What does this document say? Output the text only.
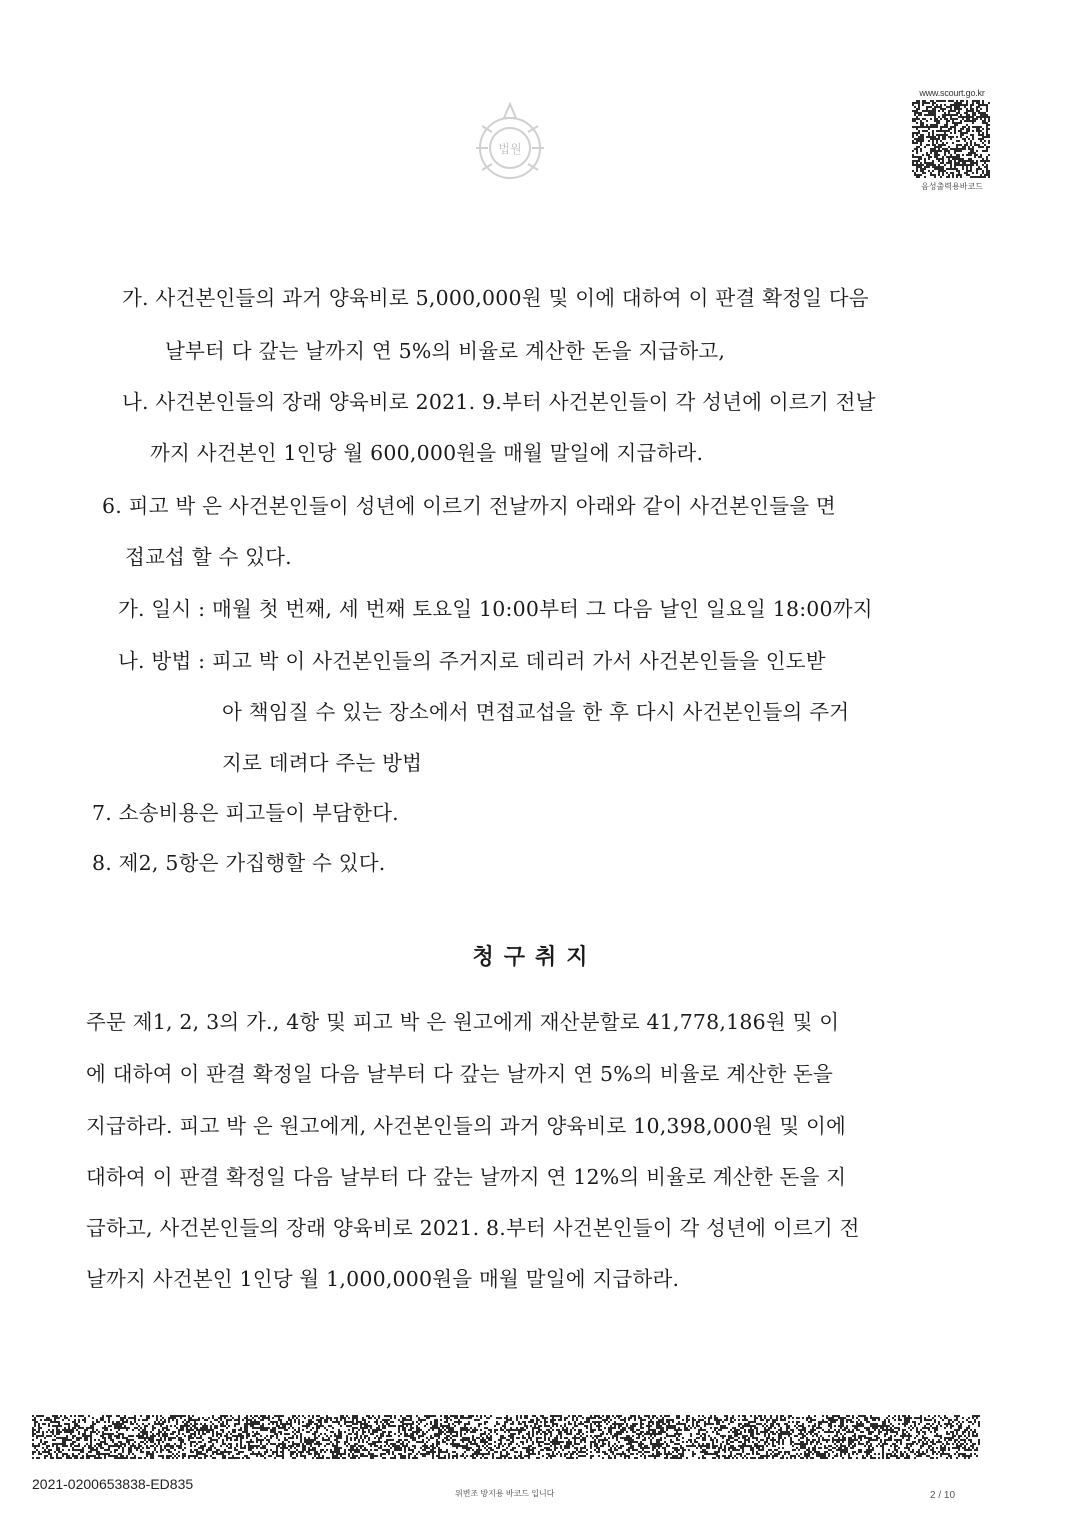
법원
www.scourt.go.kr
음성출력용바코드
가. 사건본인들의 과거 양육비로 5,000,000원 및 이에 대하여 이 판결 확정일 다음
날부터 다 갚는 날까지 연 5%의 비율로 계산한 돈을 지급하고,
나. 사건본인들의 장래 양육비로 2021. 9.부터 사건본인들이 각 성년에 이르기 전날
까지 사건본인 1인당 월 600,000원을 매월 말일에 지급하라.
6. 피고 박 은 사건본인들이 성년에 이르기 전날까지 아래와 같이 사건본인들을 면
접교섭 할 수 있다.
가. 일시 : 매월 첫 번째, 세 번째 토요일 10:00부터 그 다음 날인 일요일 18:00까지
나. 방법 : 피고 박 이 사건본인들의 주거지로 데리러 가서 사건본인들을 인도받
아 책임질 수 있는 장소에서 면접교섭을 한 후 다시 사건본인들의 주거
지로 데려다 주는 방법
7. 소송비용은 피고들이 부담한다.
8. 제2, 5항은 가집행할 수 있다.
청구취지
주문 제1, 2, 3의 가., 4항 및 피고 박 은 원고에게 재산분할로 41,778,186원 및 이
에 대하여 이 판결 확정일 다음 날부터 다 갚는 날까지 연 5%의 비율로 계산한 돈을
지급하라. 피고 박 은 원고에게, 사건본인들의 과거 양육비로 10,398,000원 및 이에
대하여 이 판결 확정일 다음 날부터 다 갚는 날까지 연 12%의 비율로 계산한 돈을 지
급하고, 사건본인들의 장래 양육비로 2021. 8.부터 사건본인들이 각 성년에 이르기 전
날까지 사건본인 1인당 월 1,000,000원을 매월 말일에 지급하라.
2021-0200653838-ED835
위변조 방지용 바코드 입니다	2 / 10
